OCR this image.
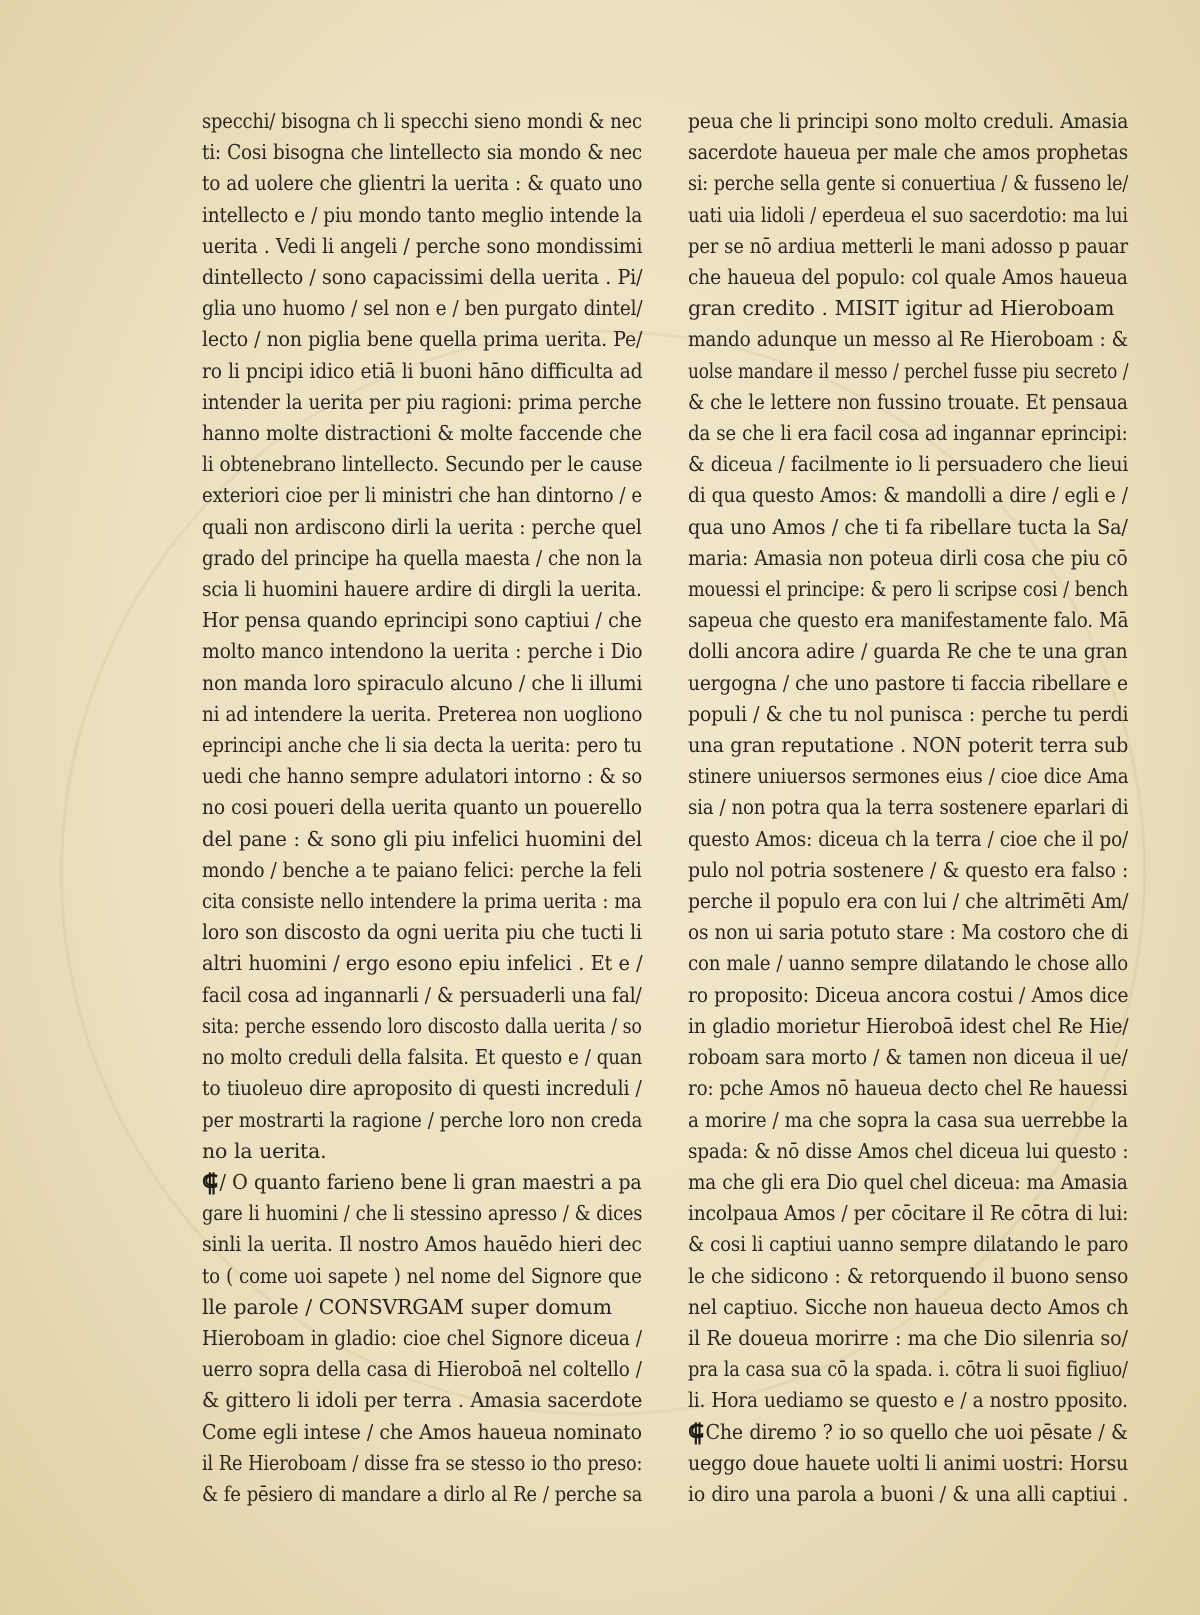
specchi/ bisogna ch li specchi sieno mondi & nec
ti: Cosi bisogna che lintellecto sia mondo & nec
to ad uolere che glientri la uerita : & quato uno
intellecto e / piu mondo tanto meglio intende la
uerita . Vedi li angeli / perche sono mondissimi
dintellecto / sono capacissimi della uerita . Pi/
glia uno huomo / sel non e / ben purgato dintel/
lecto / non piglia bene quella prima uerita. Pe/
ro li pncipi idico etiā li buoni hāno difficulta ad
intender la uerita per piu ragioni: prima perche
hanno molte distractioni & molte faccende che
li obtenebrano lintellecto. Secundo per le cause
exteriori cioe per li ministri che han dintorno / e
quali non ardiscono dirli la uerita : perche quel
grado del principe ha quella maesta / che non la
scia li huomini hauere ardire di dirgli la uerita.
Hor pensa quando eprincipi sono captiui / che
molto manco intendono la uerita : perche i Dio
non manda loro spiraculo alcuno / che li illumi
ni ad intendere la uerita. Preterea non uogliono
eprincipi anche che li sia decta la uerita: pero tu
uedi che hanno sempre adulatori intorno : & so
no cosi poueri della uerita quanto un pouerello
del pane : & sono gli piu infelici huomini del
mondo / benche a te paiano felici: perche la feli
cita consiste nello intendere la prima uerita : ma
loro son discosto da ogni uerita piu che tucti li
altri huomini / ergo esono epiu infelici . Et e /
facil cosa ad ingannarli / & persuaderli una fal/
sita: perche essendo loro discosto dalla uerita / so
no molto creduli della falsita. Et questo e / quan
to tiuoleuo dire aproposito di questi increduli /
per mostrarti la ragione / perche loro non creda
no la uerita.
⸿/ O quanto farieno bene li gran maestri a pa
gare li huomini / che li stessino apresso / & dices
sinli la uerita. Il nostro Amos hauēdo hieri dec
to ( come uoi sapete ) nel nome del Signore que
lle parole / CONSVRGAM super domum
Hieroboam in gladio: cioe chel Signore diceua /
uerro sopra della casa di Hieroboā nel coltello /
& gittero li idoli per terra . Amasia sacerdote
Come egli intese / che Amos haueua nominato
il Re Hieroboam / disse fra se stesso io tho preso:
& fe pēsiero di mandare a dirlo al Re / perche sa
peua che li principi sono molto creduli. Amasia
sacerdote haueua per male che amos prophetas
si: perche sella gente si conuertiua / & fussenо le/
uati uia lidoli / eperdeua el suo sacerdotio: ma lui
per se nō ardiua metterli le mani adosso p pauar
che haueua del populo: col quale Amos haueua
gran credito . MISIT igitur ad Hieroboam
mando adunque un messo al Re Hieroboam : &
uolse mandare il messo / perchel fusse piu secreto /
& che le lettere non fussino trouate. Et pensaua
da se che li era facil cosa ad ingannar eprincipi:
& diceua / facilmente io li persuadero che lieui
di qua questo Amos: & mandolli a dire / egli e /
qua uno Amos / che ti fa ribellare tucta la Sa/
maria: Amasia non poteua dirli cosa che piu cō
mouessi el principe: & pero li scripse cosi / bench
sapeua che questo era manifestamente falo. Mā
dolli ancora adire / guarda Re che te una gran
uergogna / che uno pastore ti faccia ribellare e
populi / & che tu nol punisca : perche tu perdi
una gran reputatione . NON poterit terra sub
stinere uniuersos sermones eius / cioe dice Ama
sia / non potra qua la terra sostenere eparlari di
questo Amos: diceua ch la terra / cioe che il po/
pulo nol potria sostenere / & questo era falso :
perche il populo era con lui / che altrimēti Am/
os non ui saria potuto stare : Ma costoro che di
con male / uanno sempre dilatando le chose allo
ro proposito: Diceua ancora costui / Amos dice
in gladio morietur Hieroboā idest chel Re Hie/
roboam sara morto / & tamen non diceua il ue/
ro: pche Amos nō haueua decto chel Re hauessi
a morire / ma che sopra la casa sua uerrebbe la
spada: & nō disse Amos chel diceua lui questo :
ma che gli era Dio quel chel diceua: ma Amasia
incolpaua Amos / per cōcitare il Re cōtra di lui:
& cosi li captiui uanno sempre dilatando le paro
le che sidicono : & retorquendo il buono senso
nel captiuo. Sicche non haueua decto Amos ch
il Re doueua morirre : ma che Dio silenria so/
pra la casa sua cō la spada. i. cōtra li suoi figliuo/
li. Hora uediamo se questo e / a nostro pposito.
⸿Che diremo ? io so quello che uoi pēsate / &
ueggo doue hauete uolti li animi uostri: Horsu
io diro una parola a buoni / & una alli captiui .
